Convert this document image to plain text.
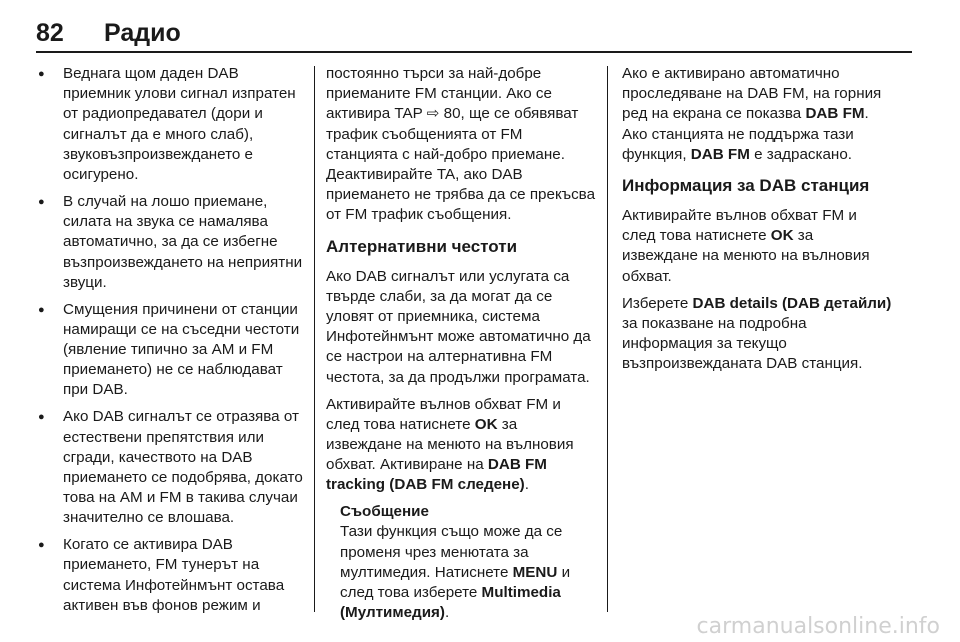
82 Радио
● Веднага щом даден DAB приемник улови сигнал изпратен от радиопредавател (дори и сигналът да е много слаб), звуковъзпроизвеждането е осигурено.
● В случай на лошо приемане, силата на звука се намалява автоматично, за да се избегне възпроизвеждането на неприятни звуци.
● Смущения причинени от станции намиращи се на съседни честоти (явление типично за AM и FM приемането) не се наблюдават при DAB.
● Ако DAB сигналът се отразява от естествени препятствия или сгради, качеството на DAB приемането се подобрява, докато това на AM и FM в такива случаи значително се влошава.
● Когато се активира DAB приемането, FM тунерът на система Инфотейнмънт остава активен във фонов режим и

постоянно търси за най-добре приеманите FM станции. Ако се активира TAP ⇨ 80, ще се обявяват трафик съобщенията от FM станцията с най-добро приемане. Деактивирайте TA, ако DAB приемането не трябва да се прекъсва от FM трафик съобщения.

Алтернативни честоти

Ако DAB сигналът или услугата са твърде слаби, за да могат да се уловят от приемника, система Инфотейнмънт може автоматично да се настрои на алтернативна FM честота, за да продължи програмата.

Активирайте вълнов обхват FM и след това натиснете OK за извеждане на менюто на вълновия обхват. Активиране на DAB FM tracking (DAB FM следене).

Съобщение

Тази функция също може да се променя чрез менютата за мултимедия. Натиснете MENU и след това изберете Multimedia (Мултимедия).

Ако е активирано автоматично проследяване на DAB FM, на горния ред на екрана се показва DAB FM. Ако станцията не поддържа тази функция, DAB FM е задраскано.

Информация за DAB станция

Активирайте вълнов обхват FM и след това натиснете OK за извеждане на менюто на вълновия обхват.

Изберете DAB details (DAB детайли) за показване на подробна информация за текущо възпроизвежданата DAB станция.

carmanualsonline.info
